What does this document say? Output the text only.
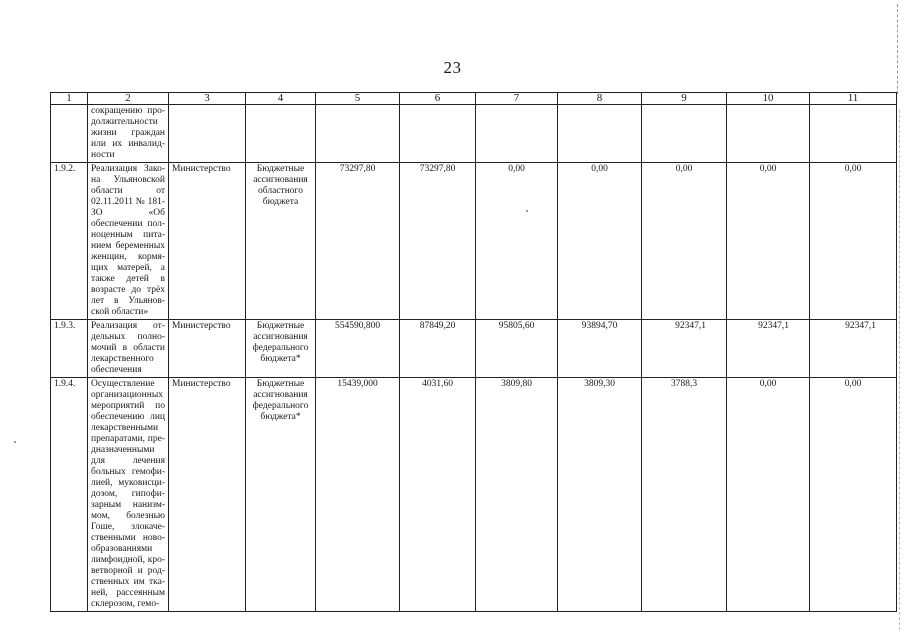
23
1	2	3	4	5	6	7	8	9	10	11
	сокращению про-должительности жизни граждан или их инвалид-ности									
1.9.2.	Реализация Зако-на Ульяновской области от 02.11.2011 № 181-ЗО «Об обеспечении пол-ноценным пита-нием беременных женщин, кормя-щих матерей, а также детей в возрасте до трёх лет в Ульянов-ской области»	Министерство	Бюджетные ассигнования областного бюджета	73297,80	73297,80	0,00	0,00	0,00	0,00	0,00
1.9.3.	Реализация от-дельных полно-мочий в области лекарственного обеспечения	Министерство	Бюджетные ассигнования федерального бюджета*	554590,800	87849,20	95805,60	93894,70	92347,1	92347,1	92347,1
1.9.4.	Осуществление организационных мероприятий по обеспечению лиц лекарственными препаратами, пре-дназначенными для лечения больных гемофи-лией, муковисци-дозом, гипофи-зарным нанизм-мом, болезнью Гоше, злокаче-ственными ново-образованиями лимфоидной, кро-ветворной и род-ственных им тка-ней, рассеянным склерозом, гемо-	Министерство	Бюджетные ассигнования федерального бюджета*	15439,000	4031,60	3809,80	3809,30	3788,3	0,00	0,00
